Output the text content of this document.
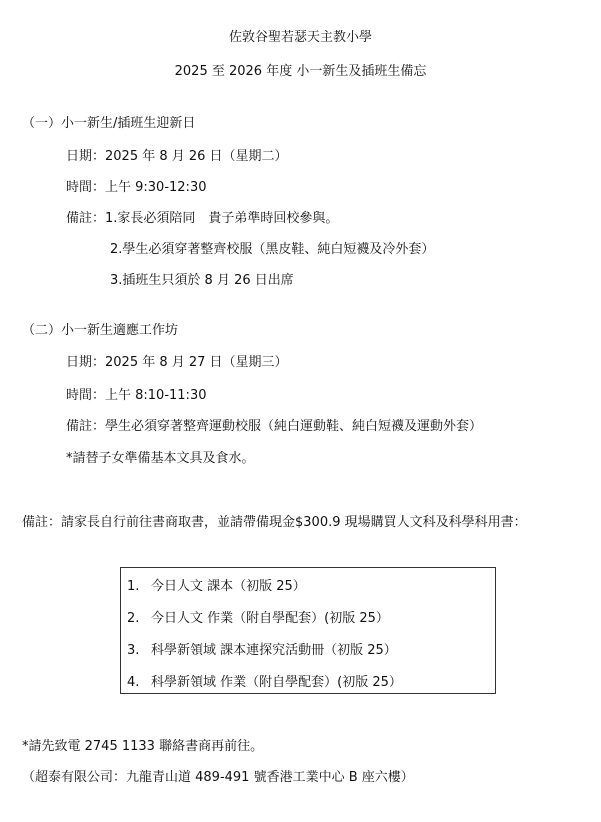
佐敦谷聖若瑟天主教小學
2025 至 2026 年度 小一新生及插班生備忘
（一）小一新生/插班生迎新日
日期：2025 年 8 月 26 日（星期二）
時間：上午 9:30-12:30
備註：1.家長必須陪同　貴子弟準時回校參與。
2.學生必須穿著整齊校服（黑皮鞋、純白短襪及冷外套）
3.插班生只須於 8 月 26 日出席
（二）小一新生適應工作坊
日期：2025 年 8 月 27 日（星期三）
時間：上午 8:10-11:30
備註：學生必須穿著整齊運動校服（純白運動鞋、純白短襪及運動外套）
*請替子女準備基本文具及食水。
備註：請家長自行前往書商取書，並請帶備現金$300.9 現場購買人文科及科學科用書：
1. 今日人文 課本（初版 25）
2. 今日人文 作業（附自學配套）(初版 25）
3. 科學新領域 課本連探究活動冊（初版 25）
4. 科學新領域 作業（附自學配套）(初版 25）
*請先致電 2745 1133 聯絡書商再前往。
（超泰有限公司：九龍青山道 489-491 號香港工業中心 B 座六樓）
